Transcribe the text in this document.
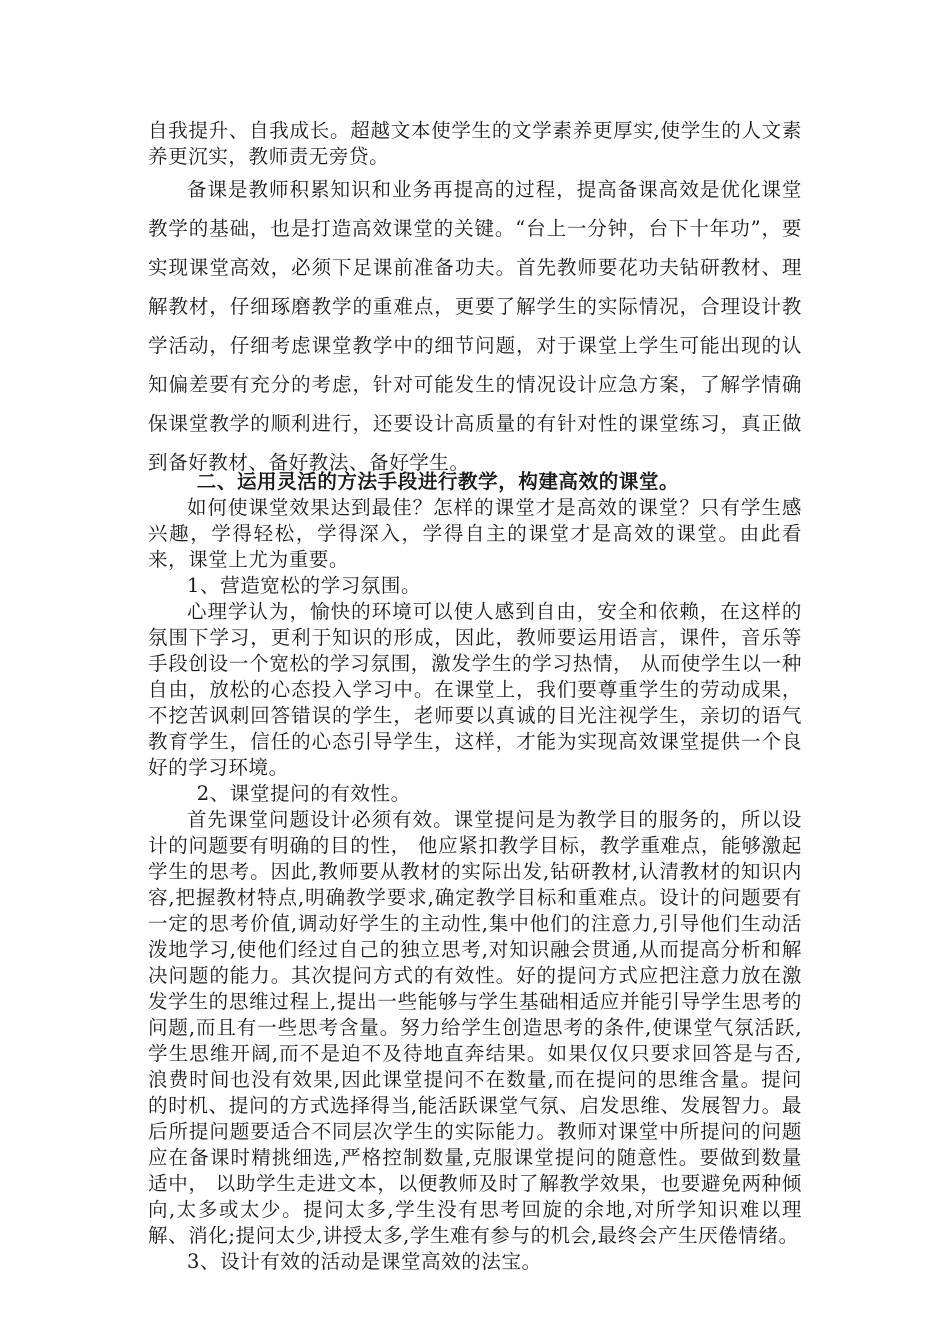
自我提升、自我成长。超越文本使学生的文学素养更厚实,使学生的人文素养更沉实，教师责无旁贷。

备课是教师积累知识和业务再提高的过程，提高备课高效是优化课堂教学的基础，也是打造高效课堂的关键。“台上一分钟，台下十年功”，要实现课堂高效，必须下足课前准备功夫。首先教师要花功夫钻研教材、理解教材，仔细琢磨教学的重难点，更要了解学生的实际情况，合理设计教学活动，仔细考虑课堂教学中的细节问题，对于课堂上学生可能出现的认知偏差要有充分的考虑，针对可能发生的情况设计应急方案，了解学情确保课堂教学的顺利进行，还要设计高质量的有针对性的课堂练习，真正做到备好教材、备好教法、备好学生。

二、运用灵活的方法手段进行教学，构建高效的课堂。

如何使课堂效果达到最佳？怎样的课堂才是高效的课堂？只有学生感兴趣，学得轻松，学得深入，学得自主的课堂才是高效的课堂。由此看来，课堂上尤为重要。

1、营造宽松的学习氛围。

心理学认为，愉快的环境可以使人感到自由，安全和依赖，在这样的氛围下学习，更利于知识的形成，因此，教师要运用语言，课件，音乐等手段创设一个宽松的学习氛围，激发学生的学习热情， 从而使学生以一种自由，放松的心态投入学习中。在课堂上，我们要尊重学生的劳动成果，不挖苦讽刺回答错误的学生，老师要以真诚的目光注视学生，亲切的语气教育学生，信任的心态引导学生，这样，才能为实现高效课堂提供一个良好的学习环境。

2、课堂提问的有效性。

首先课堂问题设计必须有效。课堂提问是为教学目的服务的，所以设计的问题要有明确的目的性， 他应紧扣教学目标，教学重难点，能够激起学生的思考。因此,教师要从教材的实际出发,钻研教材,认清教材的知识内容,把握教材特点,明确教学要求,确定教学目标和重难点。设计的问题要有一定的思考价值,调动好学生的主动性,集中他们的注意力,引导他们生动活泼地学习,使他们经过自己的独立思考,对知识融会贯通,从而提高分析和解决问题的能力。其次提问方式的有效性。好的提问方式应把注意力放在激发学生的思维过程上,提出一些能够与学生基础相适应并能引导学生思考的问题,而且有一些思考含量。努力给学生创造思考的条件,使课堂气氛活跃,学生思维开阔,而不是迫不及待地直奔结果。如果仅仅只要求回答是与否,浪费时间也没有效果,因此课堂提问不在数量,而在提问的思维含量。提问的时机、提问的方式选择得当,能活跃课堂气氛、启发思维、发展智力。最后所提问题要适合不同层次学生的实际能力。教师对课堂中所提问的问题应在备课时精挑细选,严格控制数量,克服课堂提问的随意性。要做到数量适中， 以助学生走进文本，以便教师及时了解教学效果，也要避免两种倾向,太多或太少。提问太多,学生没有思考回旋的余地,对所学知识难以理解、消化;提问太少,讲授太多,学生难有参与的机会,最终会产生厌倦情绪。

3、设计有效的活动是课堂高效的法宝。
